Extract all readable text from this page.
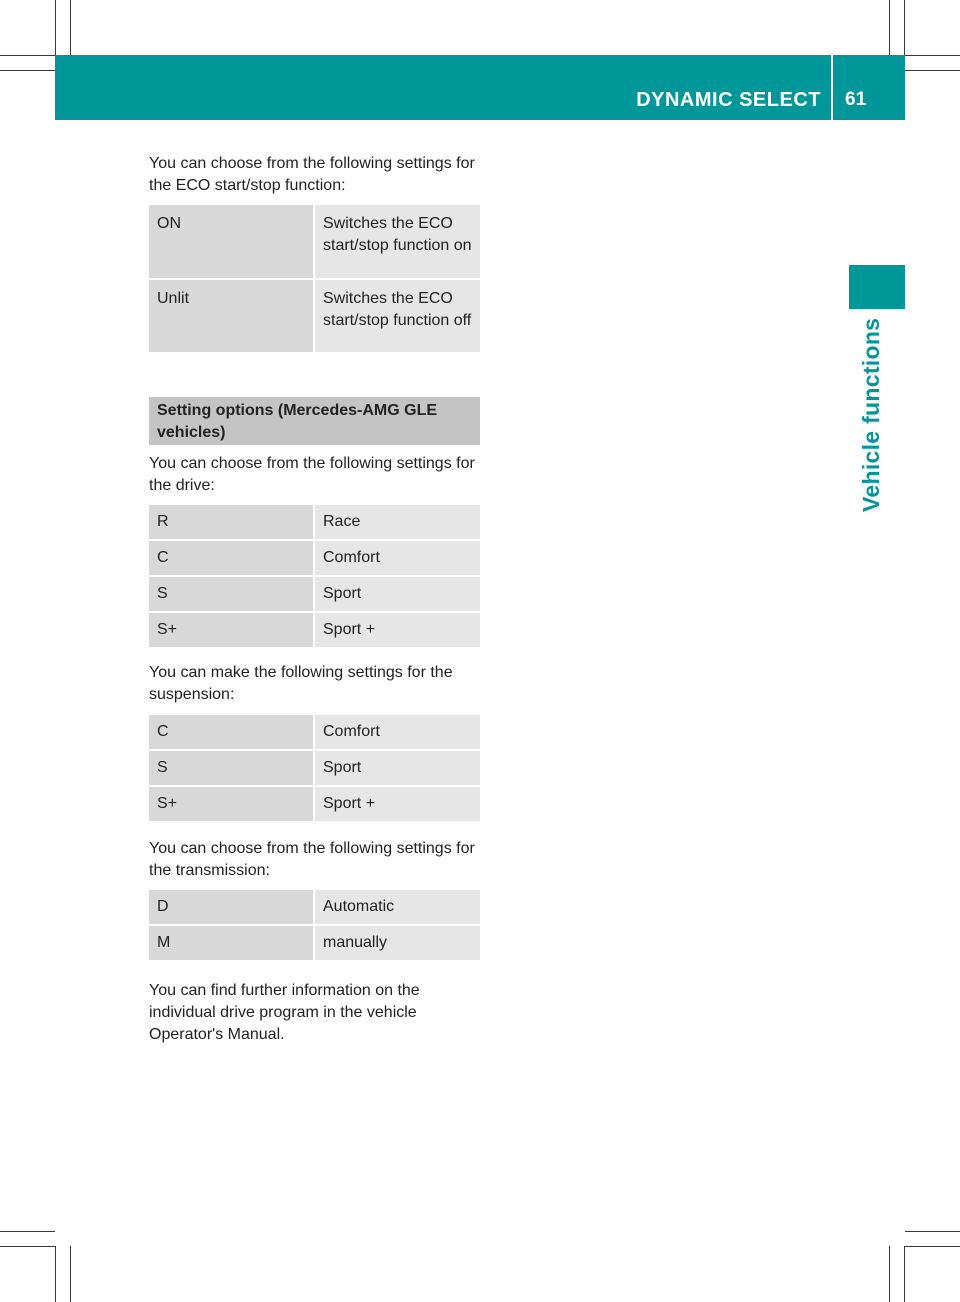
DYNAMIC SELECT 61
Vehicle functions

You can choose from the following settings for the ECO start/stop function:

ON	Switches the ECO start/stop function on
Unlit	Switches the ECO start/stop function off
Setting options (Mercedes-AMG GLE vehicles)

You can choose from the following settings for the drive:

R	Race
C	Comfort
S	Sport
S+	Sport +

You can make the following settings for the suspension:

C	Comfort
S	Sport
S+	Sport +

You can choose from the following settings for the transmission:

D	Automatic
M	manually

You can find further information on the individual drive program in the vehicle Operator's Manual.
